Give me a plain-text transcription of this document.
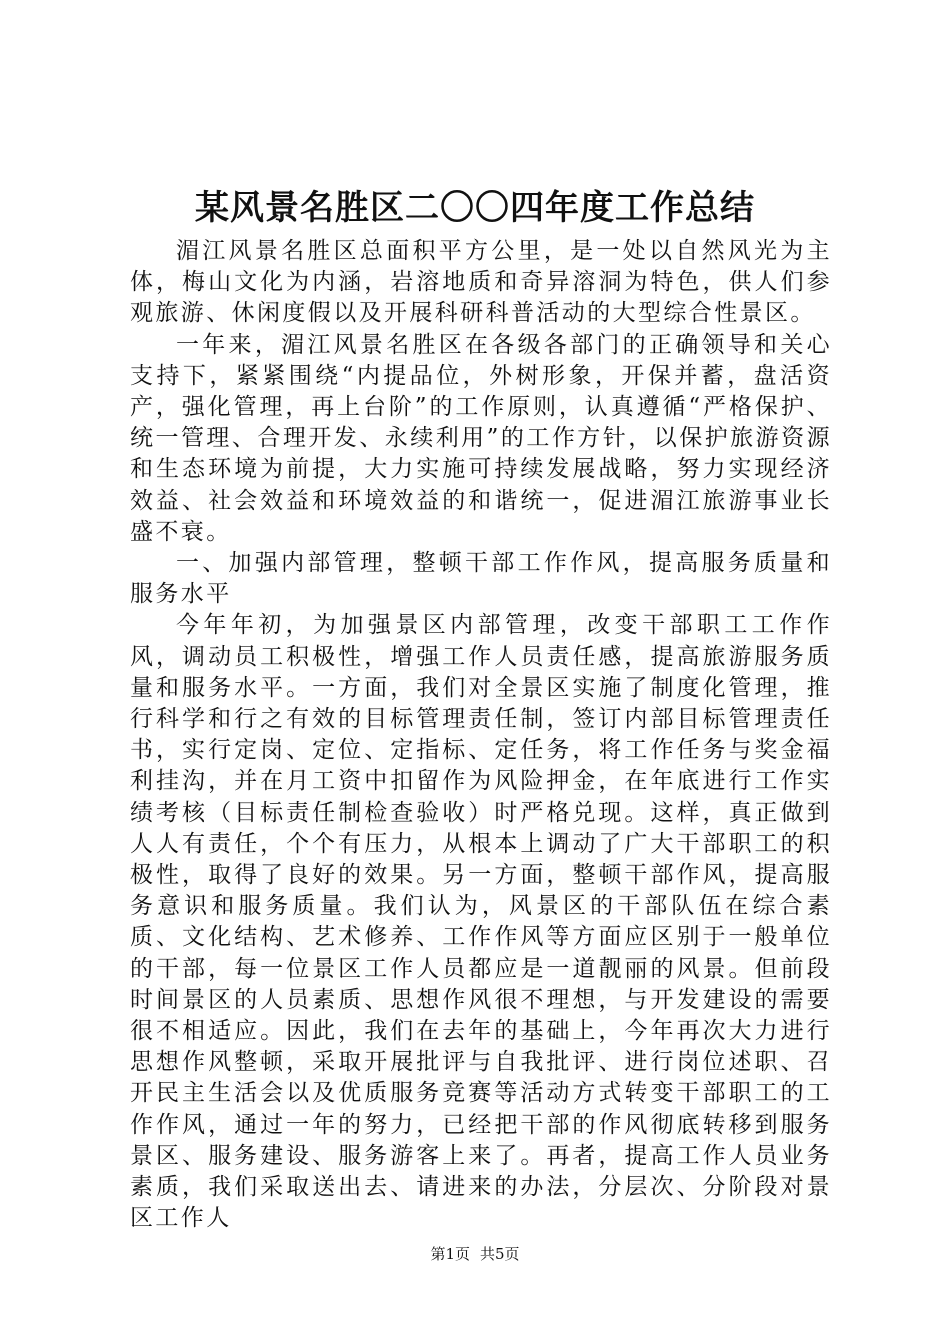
某风景名胜区二〇〇四年度工作总结

湄江风景名胜区总面积平方公里，是一处以自然风光为主体，梅山文化为内涵，岩溶地质和奇异溶洞为特色，供人们参观旅游、休闲度假以及开展科研科普活动的大型综合性景区。

一年来，湄江风景名胜区在各级各部门的正确领导和关心支持下，紧紧围绕“内提品位，外树形象，开保并蓄，盘活资产，强化管理，再上台阶”的工作原则，认真遵循“严格保护、统一管理、合理开发、永续利用”的工作方针，以保护旅游资源和生态环境为前提，大力实施可持续发展战略，努力实现经济效益、社会效益和环境效益的和谐统一，促进湄江旅游事业长盛不衰。

一、加强内部管理，整顿干部工作作风，提高服务质量和服务水平

今年年初，为加强景区内部管理，改变干部职工工作作风，调动员工积极性，增强工作人员责任感，提高旅游服务质量和服务水平。一方面，我们对全景区实施了制度化管理，推行科学和行之有效的目标管理责任制，签订内部目标管理责任书，实行定岗、定位、定指标、定任务，将工作任务与奖金福利挂沟，并在月工资中扣留作为风险押金，在年底进行工作实绩考核（目标责任制检查验收）时严格兑现。这样，真正做到人人有责任，个个有压力，从根本上调动了广大干部职工的积极性，取得了良好的效果。另一方面，整顿干部作风，提高服务意识和服务质量。我们认为，风景区的干部队伍在综合素质、文化结构、艺术修养、工作作风等方面应区别于一般单位的干部，每一位景区工作人员都应是一道靓丽的风景。但前段时间景区的人员素质、思想作风很不理想，与开发建设的需要很不相适应。因此，我们在去年的基础上，今年再次大力进行思想作风整顿，采取开展批评与自我批评、进行岗位述职、召开民主生活会以及优质服务竞赛等活动方式转变干部职工的工作作风，通过一年的努力，已经把干部的作风彻底转移到服务景区、服务建设、服务游客上来了。再者，提高工作人员业务素质，我们采取送出去、请进来的办法，分层次、分阶段对景区工作人

第1页 共5页
